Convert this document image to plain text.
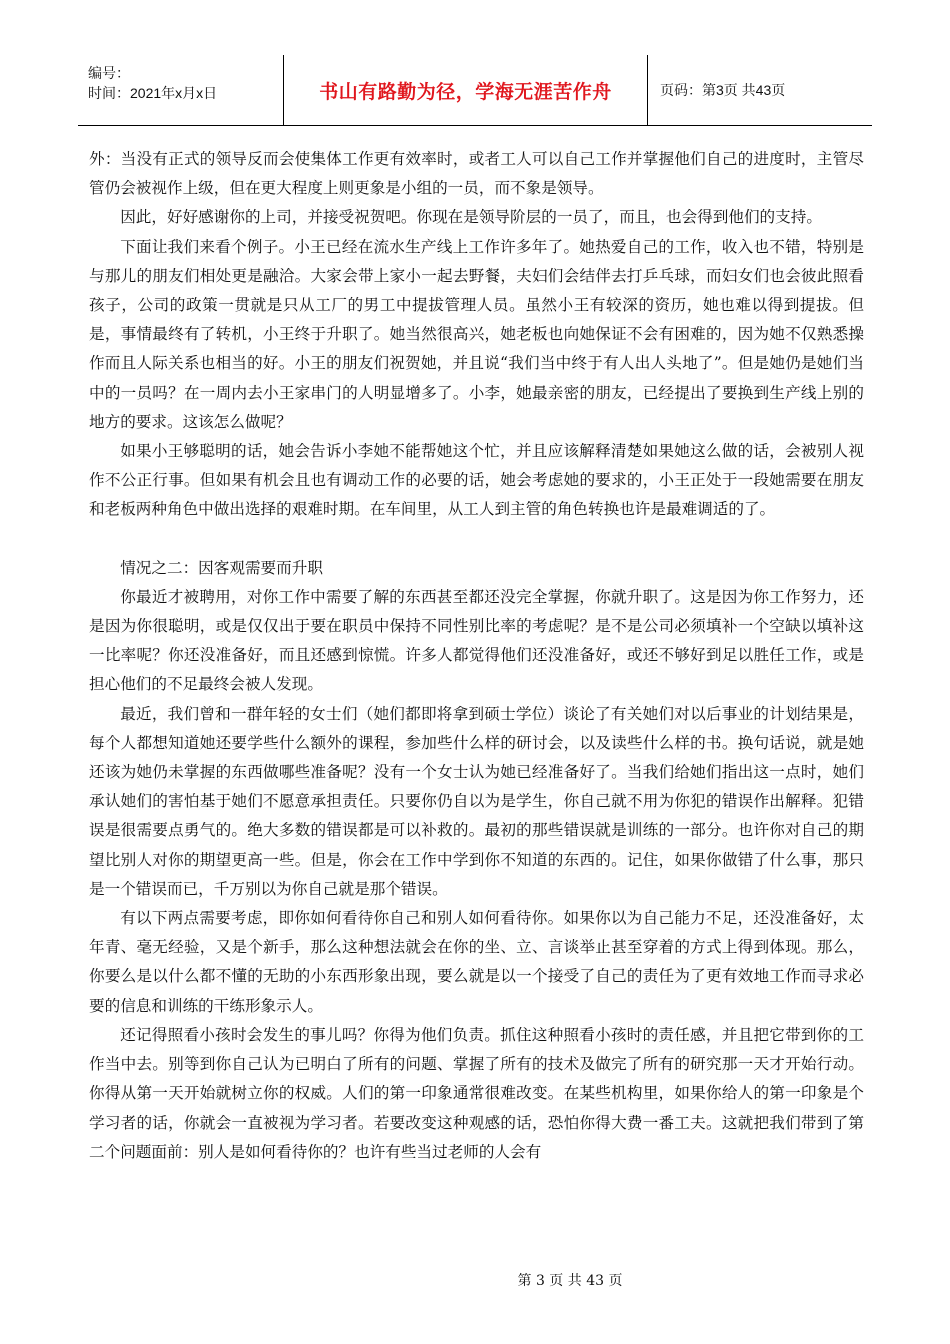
编号：
时间：2021年x月x日	书山有路勤为径，学海无涯苦作舟	页码：第3页 共43页

外：当没有正式的领导反而会使集体工作更有效率时，或者工人可以自己工作并掌握他们自己的进度时，主管尽管仍会被视作上级，但在更大程度上则更象是小组的一员，而不象是领导。

因此，好好感谢你的上司，并接受祝贺吧。你现在是领导阶层的一员了，而且，也会得到他们的支持。

下面让我们来看个例子。小王已经在流水生产线上工作许多年了。她热爱自己的工作，收入也不错，特别是与那儿的朋友们相处更是融洽。大家会带上家小一起去野餐，夫妇们会结伴去打乒乓球，而妇女们也会彼此照看孩子，公司的政策一贯就是只从工厂的男工中提拔管理人员。虽然小王有较深的资历，她也难以得到提拔。但是，事情最终有了转机，小王终于升职了。她当然很高兴，她老板也向她保证不会有困难的，因为她不仅熟悉操作而且人际关系也相当的好。小王的朋友们祝贺她，并且说“我们当中终于有人出人头地了”。但是她仍是她们当中的一员吗？在一周内去小王家串门的人明显增多了。小李，她最亲密的朋友，已经提出了要换到生产线上别的地方的要求。这该怎么做呢？

如果小王够聪明的话，她会告诉小李她不能帮她这个忙，并且应该解释清楚如果她这么做的话，会被别人视作不公正行事。但如果有机会且也有调动工作的必要的话，她会考虑她的要求的，小王正处于一段她需要在朋友和老板两种角色中做出选择的艰难时期。在车间里，从工人到主管的角色转换也许是最难调适的了。

情况之二：因客观需要而升职

你最近才被聘用，对你工作中需要了解的东西甚至都还没完全掌握，你就升职了。这是因为你工作努力，还是因为你很聪明，或是仅仅出于要在职员中保持不同性别比率的考虑呢？是不是公司必须填补一个空缺以填补这一比率呢？你还没准备好，而且还感到惊慌。许多人都觉得他们还没准备好，或还不够好到足以胜任工作，或是担心他们的不足最终会被人发现。

最近，我们曾和一群年轻的女士们（她们都即将拿到硕士学位）谈论了有关她们对以后事业的计划结果是，每个人都想知道她还要学些什么额外的课程，参加些什么样的研讨会，以及读些什么样的书。换句话说，就是她还该为她仍未掌握的东西做哪些准备呢？没有一个女士认为她已经准备好了。当我们给她们指出这一点时，她们承认她们的害怕基于她们不愿意承担责任。只要你仍自以为是学生，你自己就不用为你犯的错误作出解释。犯错误是很需要点勇气的。绝大多数的错误都是可以补救的。最初的那些错误就是训练的一部分。也许你对自己的期望比别人对你的期望更高一些。但是，你会在工作中学到你不知道的东西的。记住，如果你做错了什么事，那只是一个错误而已，千万别以为你自己就是那个错误。

有以下两点需要考虑，即你如何看待你自己和别人如何看待你。如果你以为自己能力不足，还没准备好，太年青、毫无经验，又是个新手，那么这种想法就会在你的坐、立、言谈举止甚至穿着的方式上得到体现。那么，你要么是以什么都不懂的无助的小东西形象出现，要么就是以一个接受了自己的责任为了更有效地工作而寻求必要的信息和训练的干练形象示人。

还记得照看小孩时会发生的事儿吗？你得为他们负责。抓住这种照看小孩时的责任感，并且把它带到你的工作当中去。别等到你自己认为已明白了所有的问题、掌握了所有的技术及做完了所有的研究那一天才开始行动。你得从第一天开始就树立你的权威。人们的第一印象通常很难改变。在某些机构里，如果你给人的第一印象是个学习者的话，你就会一直被视为学习者。若要改变这种观感的话，恐怕你得大费一番工夫。这就把我们带到了第二个问题面前：别人是如何看待你的？也许有些当过老师的人会有

第 3 页 共 43 页
